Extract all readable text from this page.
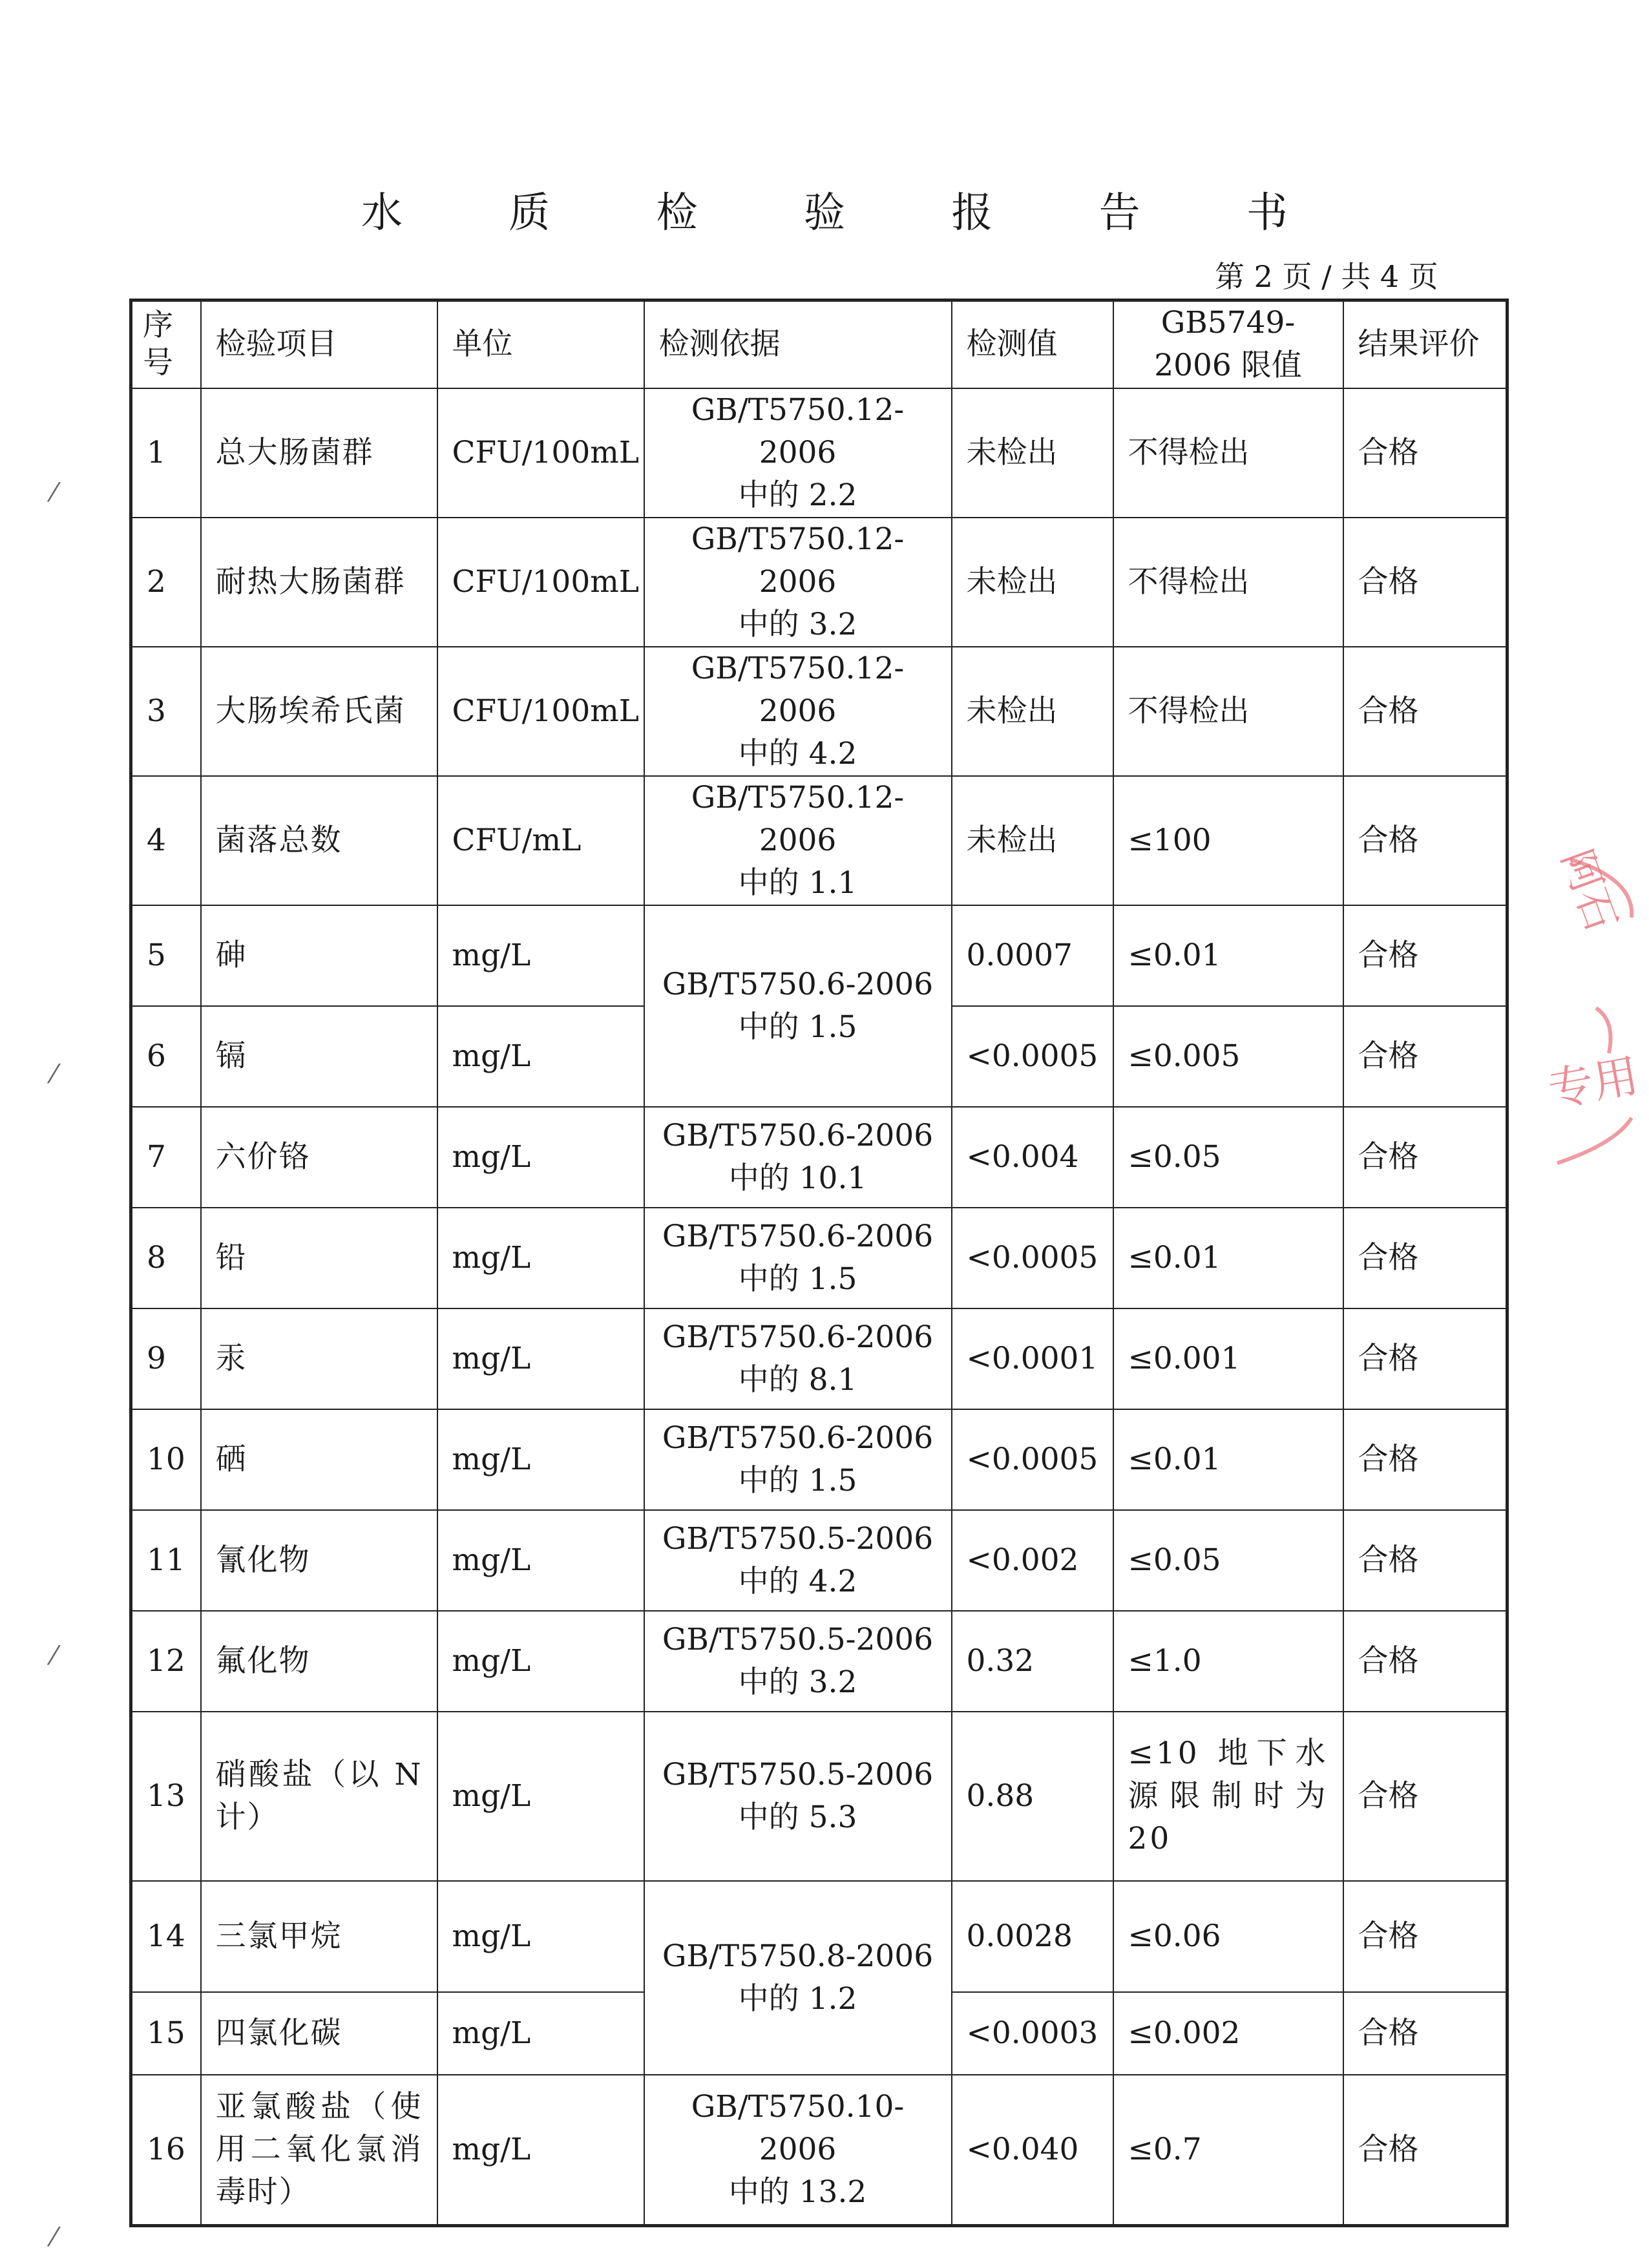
水 质 检 验 报 告 书
第 2 页 / 共 4 页
序号	检验项目	单位	检测依据	检测值	GB5749-2006 限值	结果评价
1	总大肠菌群	CFU/100mL	GB/T5750.12-2006
中的 2.2	未检出	不得检出	合格
2	耐热大肠菌群	CFU/100mL	GB/T5750.12-2006
中的 3.2	未检出	不得检出	合格
3	大肠埃希氏菌	CFU/100mL	GB/T5750.12-2006
中的 4.2	未检出	不得检出	合格
4	菌落总数	CFU/mL	GB/T5750.12-2006
中的 1.1	未检出	≤100	合格
5	砷	mg/L	GB/T5750.6-2006
中的 1.5	0.0007	≤0.01	合格
6	镉	mg/L		<0.0005	≤0.005	合格
7	六价铬	mg/L	GB/T5750.6-2006
中的 10.1	<0.004	≤0.05	合格
8	铅	mg/L	GB/T5750.6-2006
中的 1.5	<0.0005	≤0.01	合格
9	汞	mg/L	GB/T5750.6-2006
中的 8.1	<0.0001	≤0.001	合格
10	硒	mg/L	GB/T5750.6-2006
中的 1.5	<0.0005	≤0.01	合格
11	氰化物	mg/L	GB/T5750.5-2006
中的 4.2	<0.002	≤0.05	合格
12	氟化物	mg/L	GB/T5750.5-2006
中的 3.2	0.32	≤1.0	合格
13	硝酸盐（以 N 计）	mg/L	GB/T5750.5-2006
中的 5.3	0.88	≤10 地下水源限制时为20	合格
14	三氯甲烷	mg/L	GB/T5750.8-2006
中的 1.2	0.0028	≤0.06	合格
15	四氯化碳	mg/L		<0.0003	≤0.002	合格
16	亚氯酸盐（使用二氧化氯消毒时）	mg/L	GB/T5750.10-2006
中的 13.2	<0.040	≤0.7	合格
阿石
专用
⁄
⁄
⁄
⁄
